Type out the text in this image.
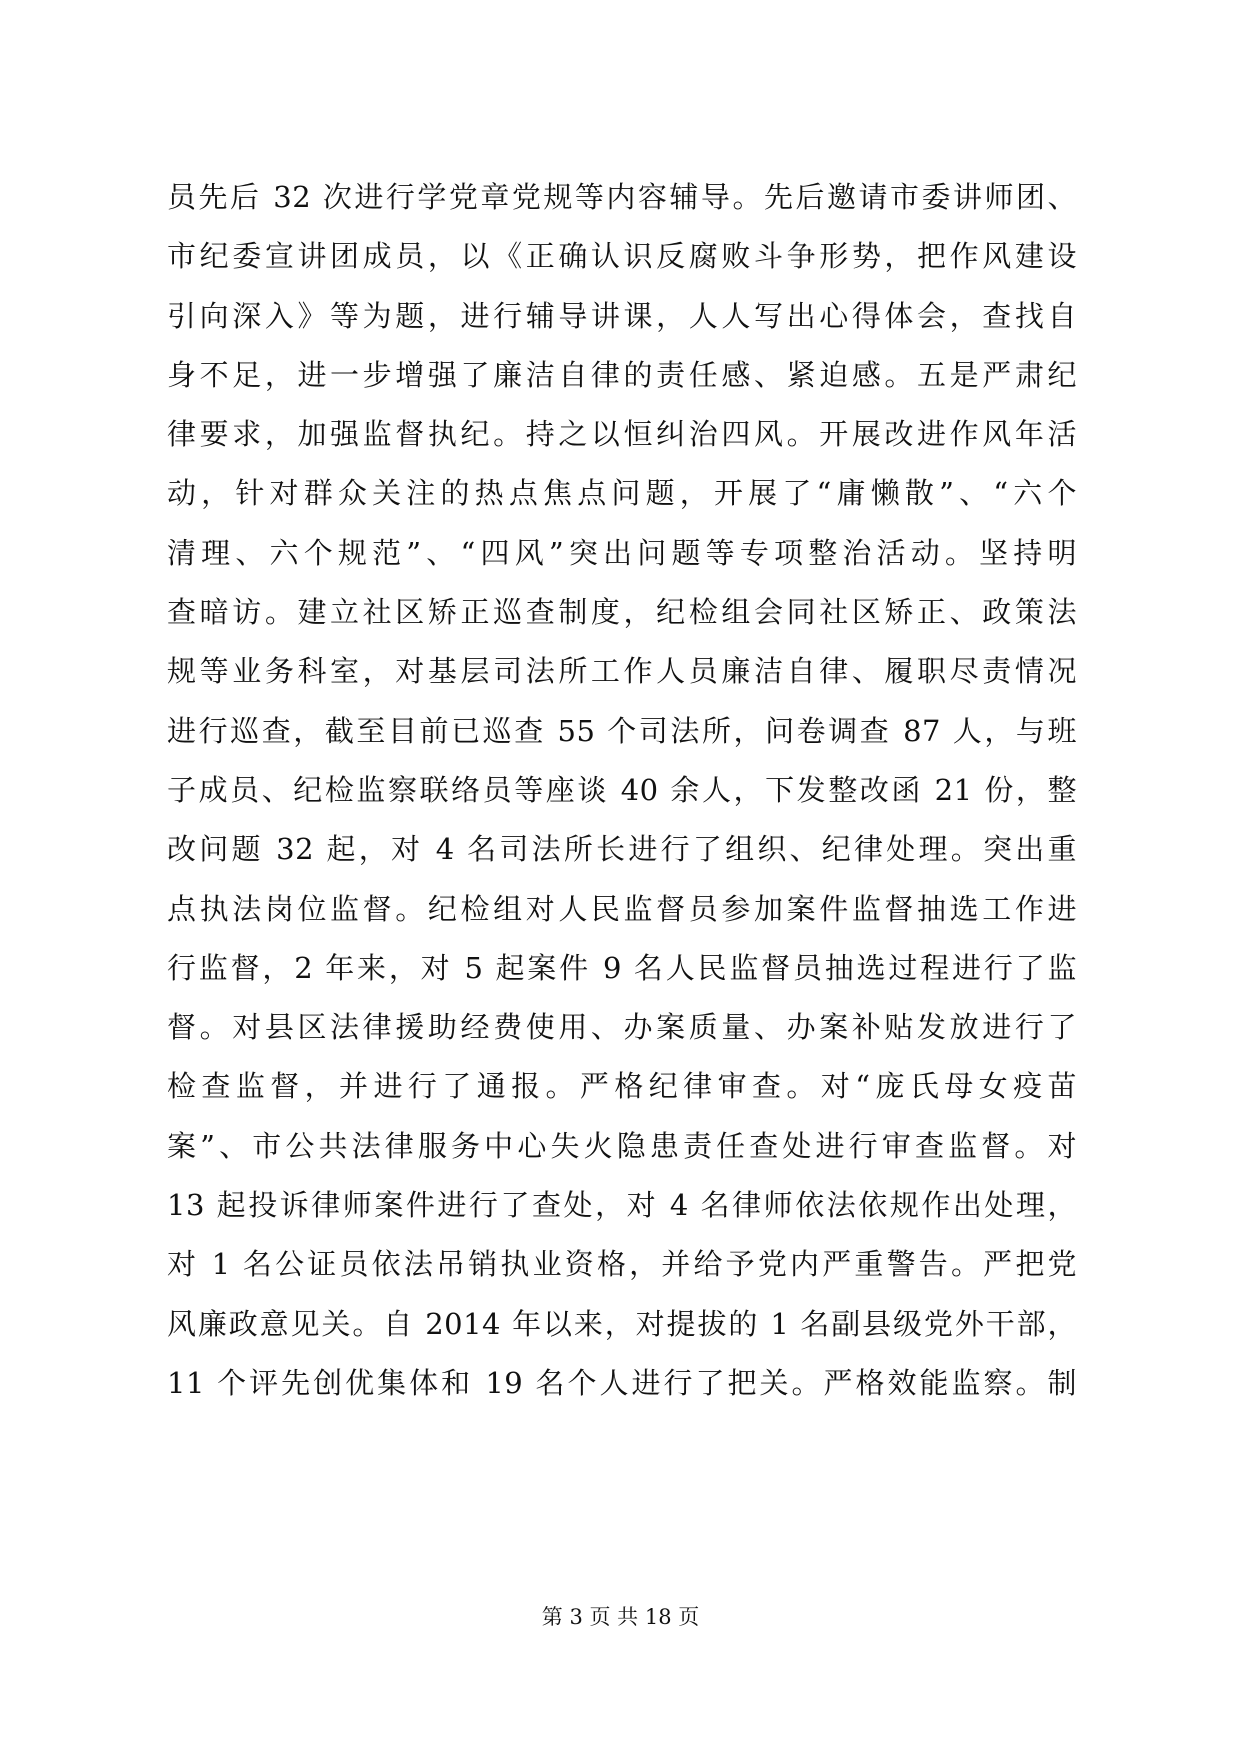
员先后 32 次进行学党章党规等内容辅导。先后邀请市委讲师团、
市纪委宣讲团成员，以《正确认识反腐败斗争形势，把作风建设
引向深入》等为题，进行辅导讲课，人人写出心得体会，查找自
身不足，进一步增强了廉洁自律的责任感、紧迫感。五是严肃纪
律要求，加强监督执纪。持之以恒纠治四风。开展改进作风年活
动，针对群众关注的热点焦点问题，开展了“庸懒散”、“六个
清理、六个规范”、“四风”突出问题等专项整治活动。坚持明
查暗访。建立社区矫正巡查制度，纪检组会同社区矫正、政策法
规等业务科室，对基层司法所工作人员廉洁自律、履职尽责情况
进行巡查，截至目前已巡查 55 个司法所，问卷调查 87 人，与班
子成员、纪检监察联络员等座谈 40 余人，下发整改函 21 份，整
改问题 32 起，对 4 名司法所长进行了组织、纪律处理。突出重
点执法岗位监督。纪检组对人民监督员参加案件监督抽选工作进
行监督，2 年来，对 5 起案件 9 名人民监督员抽选过程进行了监
督。对县区法律援助经费使用、办案质量、办案补贴发放进行了
检查监督，并进行了通报。严格纪律审查。对“庞氏母女疫苗
案”、市公共法律服务中心失火隐患责任查处进行审查监督。对
13 起投诉律师案件进行了查处，对 4 名律师依法依规作出处理，
对 1 名公证员依法吊销执业资格，并给予党内严重警告。严把党
风廉政意见关。自 2014 年以来，对提拔的 1 名副县级党外干部，
11 个评先创优集体和 19 名个人进行了把关。严格效能监察。制
第 3 页 共 18 页
